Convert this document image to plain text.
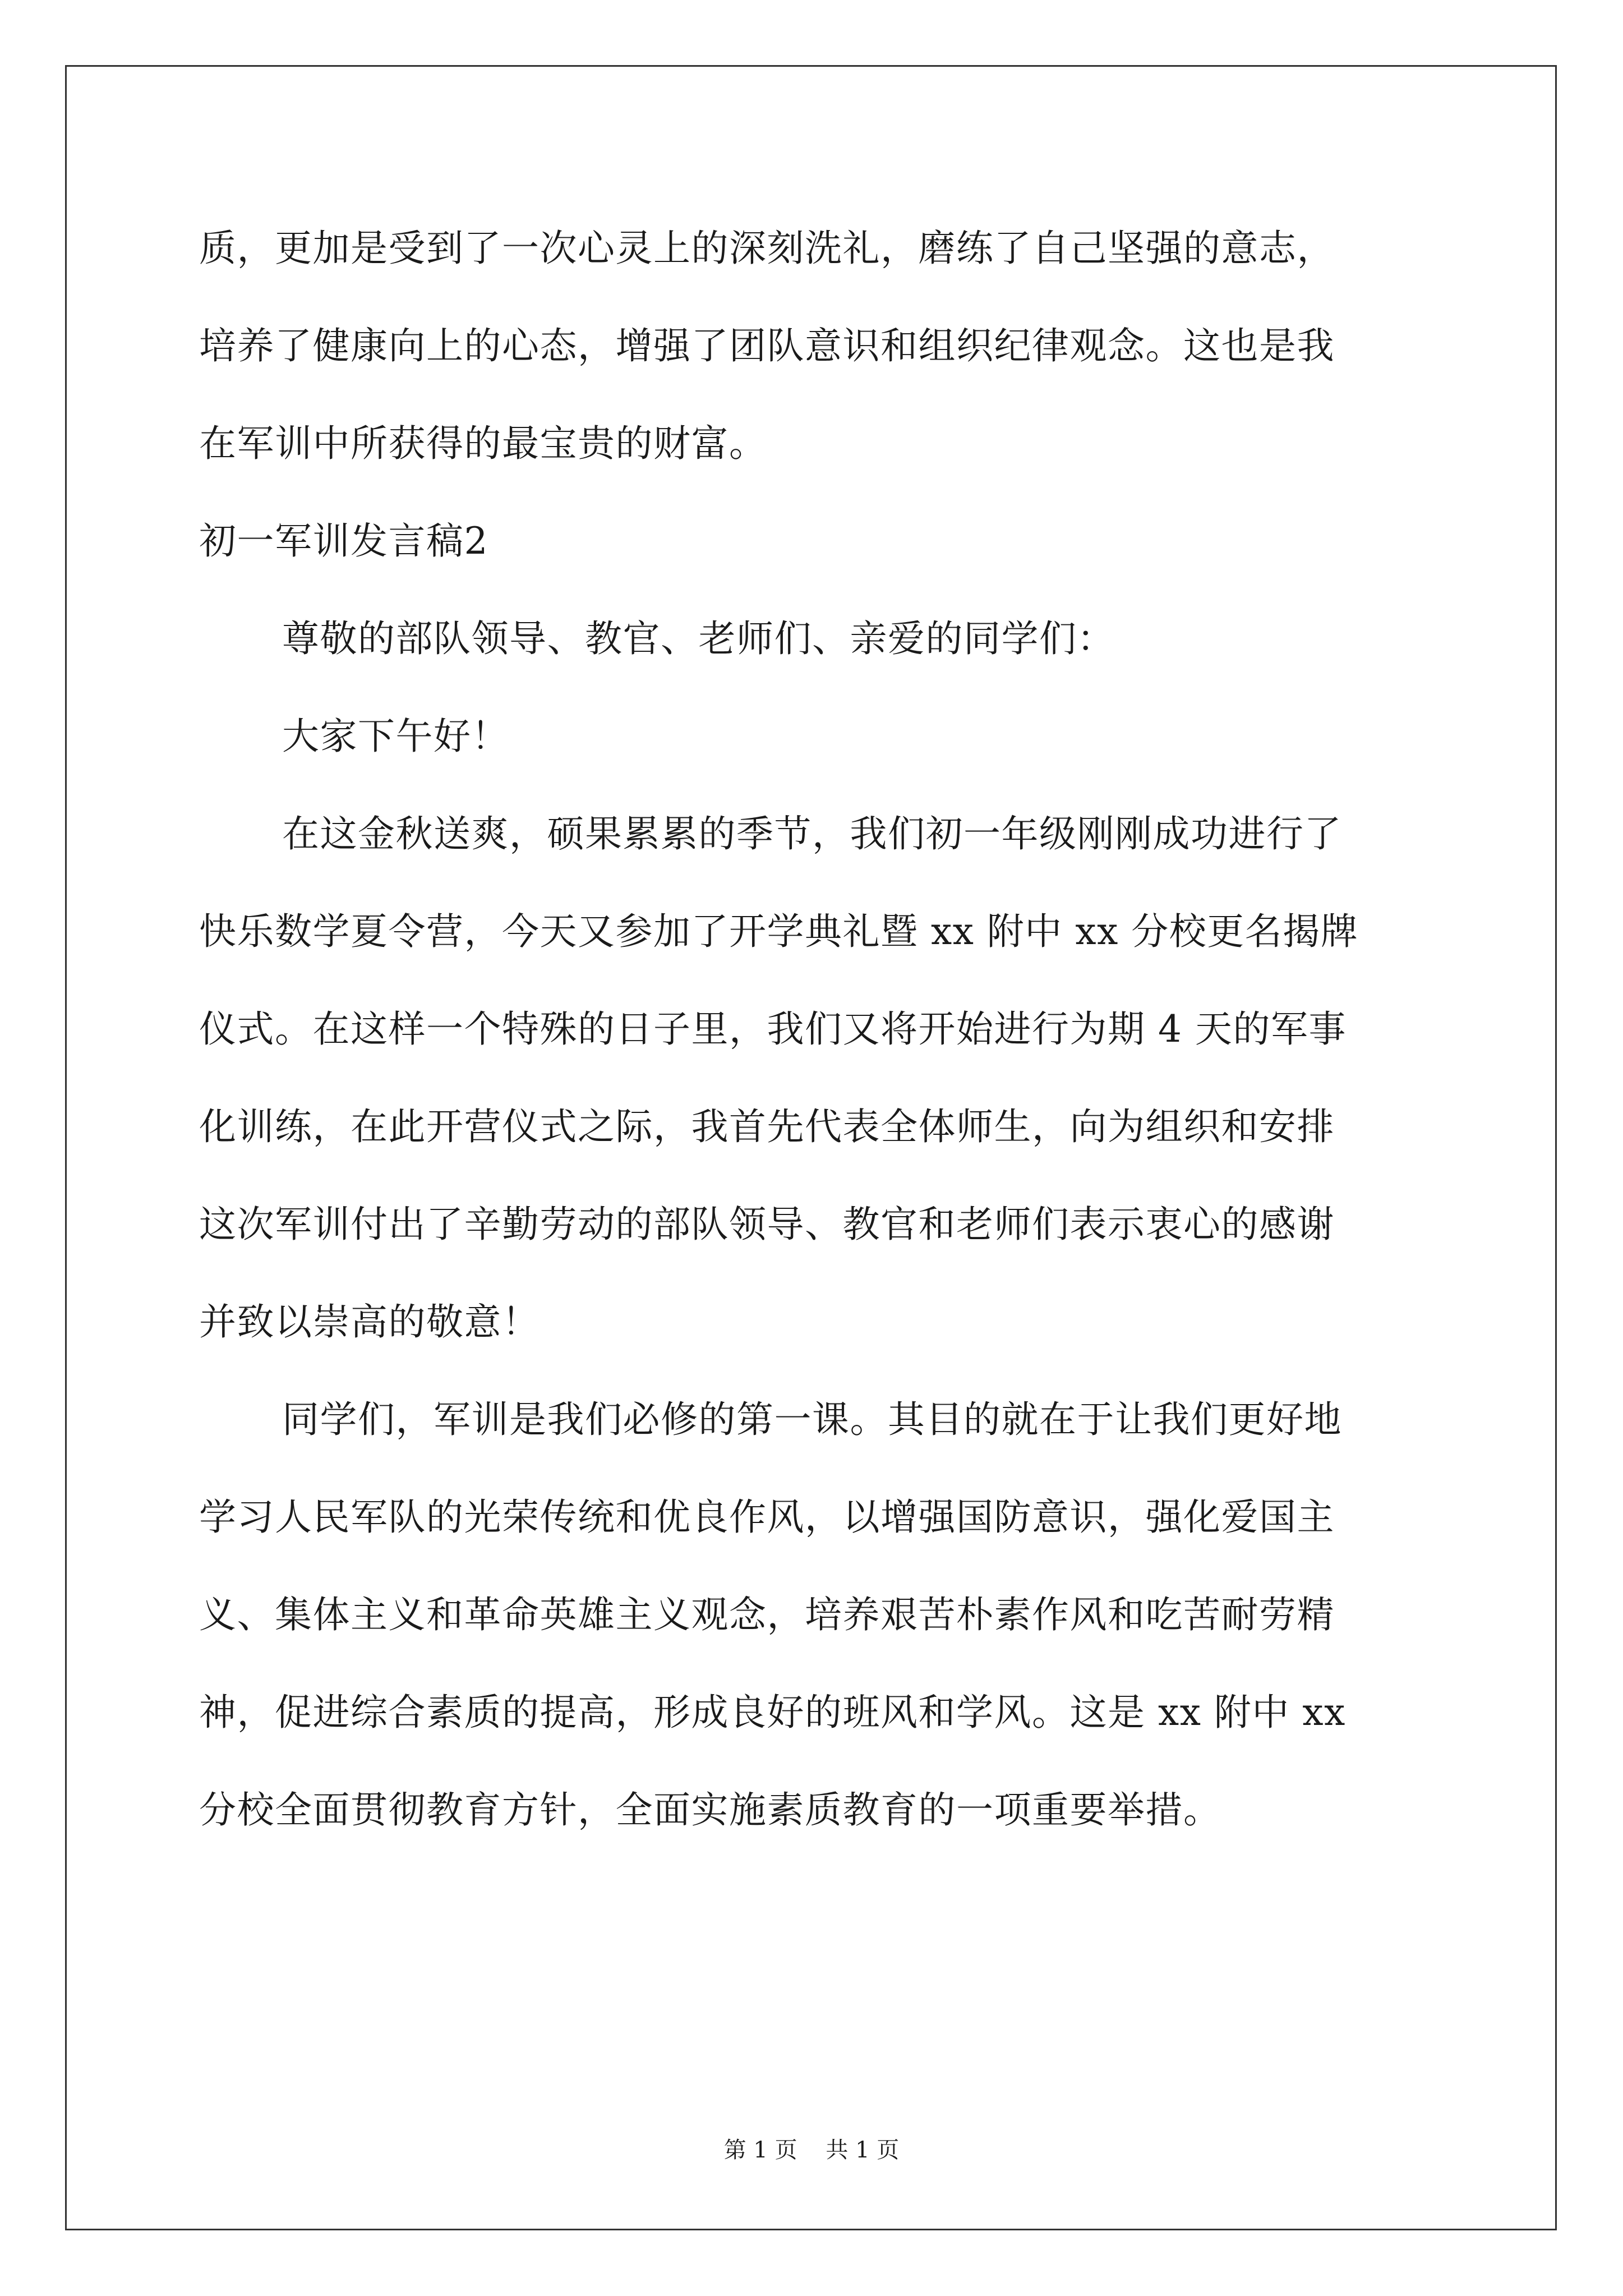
质，更加是受到了一次心灵上的深刻洗礼，磨练了自己坚强的意志，
培养了健康向上的心态，增强了团队意识和组织纪律观念。这也是我
在军训中所获得的最宝贵的财富。
初一军训发言稿2
尊敬的部队领导、教官、老师们、亲爱的同学们：
大家下午好！
在这金秋送爽，硕果累累的季节，我们初一年级刚刚成功进行了
快乐数学夏令营，今天又参加了开学典礼暨 xx 附中 xx 分校更名揭牌
仪式。在这样一个特殊的日子里，我们又将开始进行为期 4 天的军事
化训练，在此开营仪式之际，我首先代表全体师生，向为组织和安排
这次军训付出了辛勤劳动的部队领导、教官和老师们表示衷心的感谢
并致以崇高的敬意！
同学们，军训是我们必修的第一课。其目的就在于让我们更好地
学习人民军队的光荣传统和优良作风，以增强国防意识，强化爱国主
义、集体主义和革命英雄主义观念，培养艰苦朴素作风和吃苦耐劳精
神，促进综合素质的提高，形成良好的班风和学风。这是 xx 附中 xx
分校全面贯彻教育方针，全面实施素质教育的一项重要举措。
第 1 页    共 1 页
